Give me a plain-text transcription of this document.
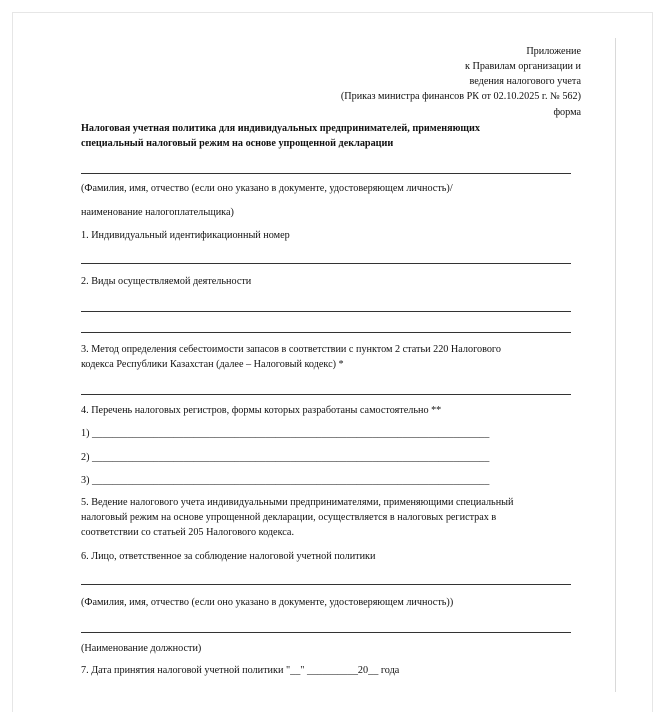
Приложение
к Правилам организации и
ведения налогового учета
(Приказ министра финансов РК от 02.10.2025 г. № 562)
форма
Налоговая учетная политика для индивидуальных предпринимателей, применяющих
специальный налоговый режим на основе упрощенной декларации
(Фамилия, имя, отчество (если оно указано в документе, удостоверяющем личность)/
наименование налогоплательщика)
1. Индивидуальный идентификационный номер
2. Виды осуществляемой деятельности
3. Метод определения себестоимости запасов в соответствии с пунктом 2 статьи 220 Налогового
кодекса Республики Казахстан (далее – Налоговый кодекс) *
4. Перечень налоговых регистров, формы которых разработаны самостоятельно **
1) ______________________________________________________________________________
2) ______________________________________________________________________________
3) ______________________________________________________________________________
5. Ведение налогового учета индивидуальными предпринимателями, применяющими специальный
налоговый режим на основе упрощенной декларации, осуществляется в налоговых регистрах в
соответствии со статьей 205 Налогового кодекса.
6. Лицо, ответственное за соблюдение налоговой учетной политики
(Фамилия, имя, отчество (если оно указано в документе, удостоверяющем личность))
(Наименование должности)
7. Дата принятия налоговой учетной политики "__" __________20__ года
